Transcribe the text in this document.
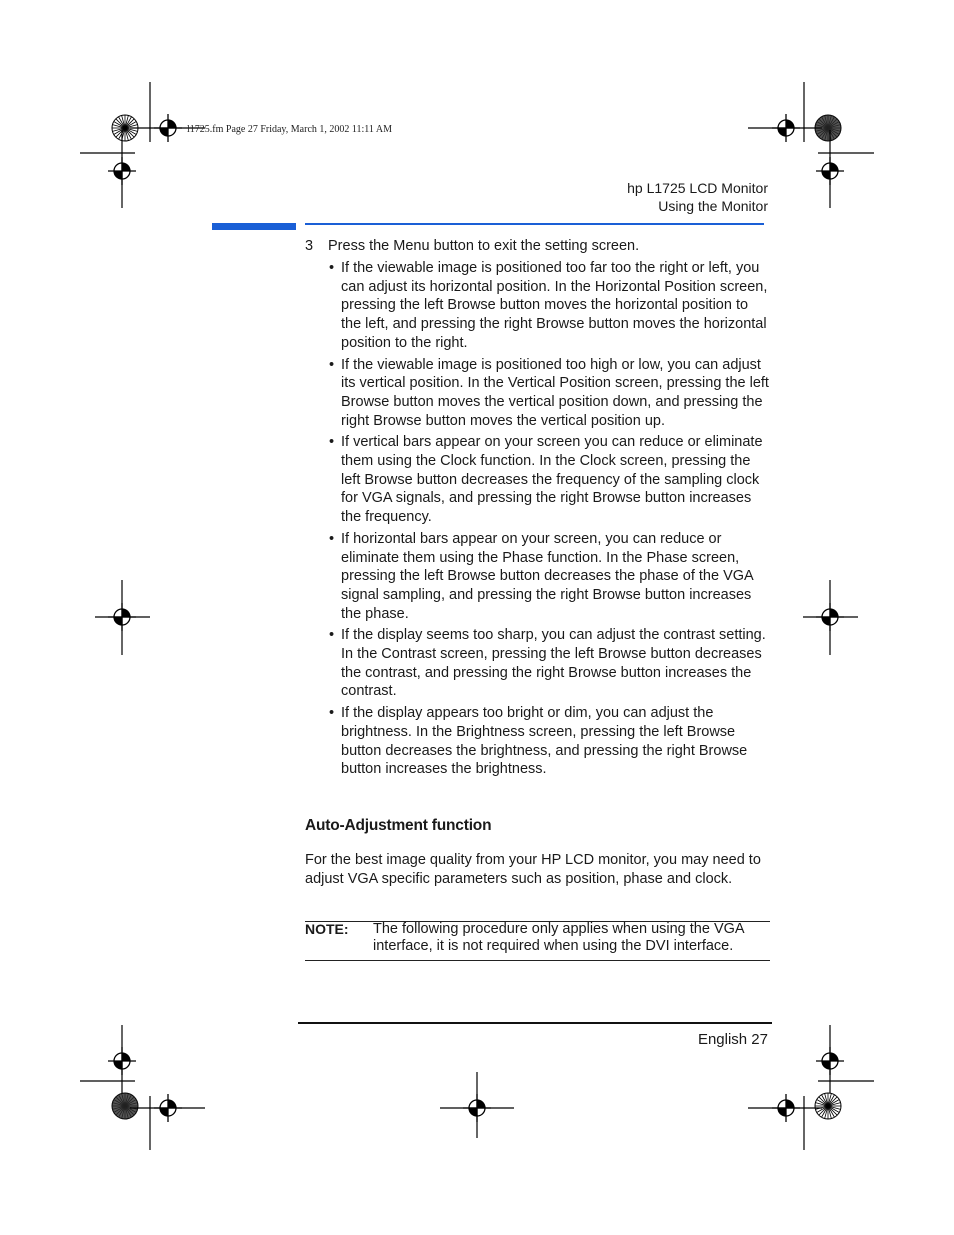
l1725.fm Page 27 Friday, March 1, 2002 11:11 AM
hp L1725 LCD Monitor
Using the Monitor
3 Press the Menu button to exit the setting screen.
• If the viewable image is positioned too far too the right or left, you can adjust its horizontal position. In the Horizontal Position screen, pressing the left Browse button moves the horizontal position to the left, and pressing the right Browse button moves the horizontal position to the right.
• If the viewable image is positioned too high or low, you can adjust its vertical position. In the Vertical Position screen, pressing the left Browse button moves the vertical position down, and pressing the right Browse button moves the vertical position up.
• If vertical bars appear on your screen you can reduce or eliminate them using the Clock function. In the Clock screen, pressing the left Browse button decreases the frequency of the sampling clock for VGA signals, and pressing the right Browse button increases the frequency.
• If horizontal bars appear on your screen, you can reduce or eliminate them using the Phase function. In the Phase screen, pressing the left Browse button decreases the phase of the VGA signal sampling, and pressing the right Browse button increases the phase.
• If the display seems too sharp, you can adjust the contrast setting. In the Contrast screen, pressing the left Browse button decreases the contrast, and pressing the right Browse button increases the contrast.
• If the display appears too bright or dim, you can adjust the brightness. In the Brightness screen, pressing the left Browse button decreases the brightness, and pressing the right Browse button increases the brightness.
Auto-Adjustment function
For the best image quality from your HP LCD monitor, you may need to adjust VGA specific parameters such as position, phase and clock.
NOTE: The following procedure only applies when using the VGA interface, it is not required when using the DVI interface.
English 27
